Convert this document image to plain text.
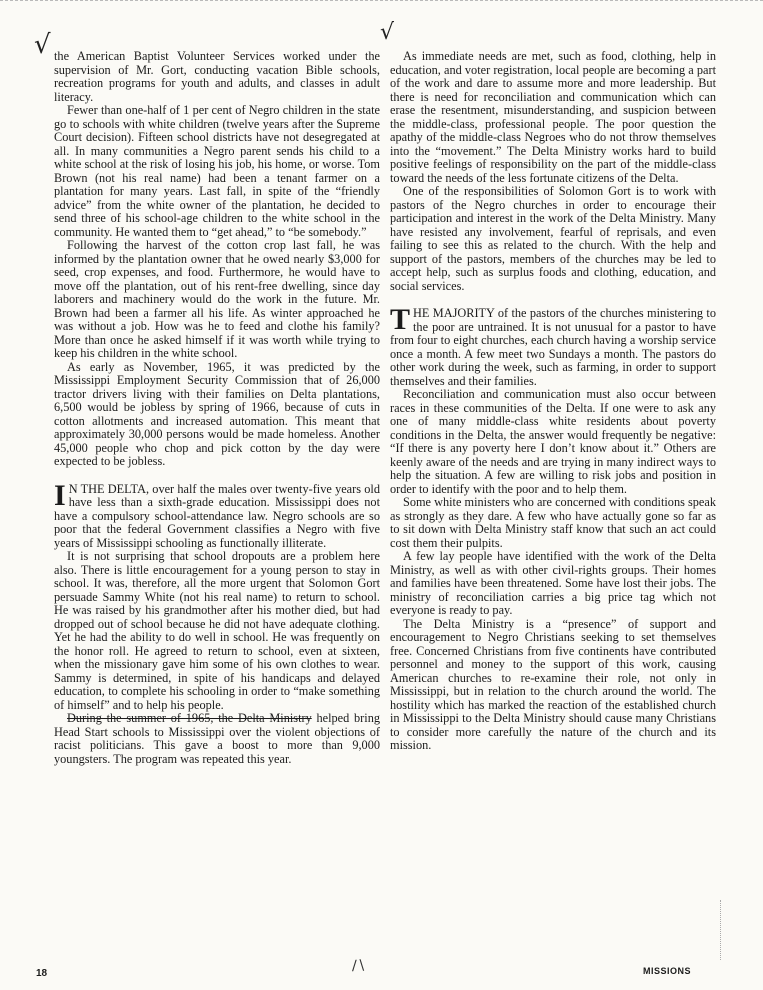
√	√

the American Baptist Volunteer Services worked under the supervision of Mr. Gort, conducting vacation Bible schools, recreation programs for youth and adults, and classes in adult literacy.

Fewer than one-half of 1 per cent of Negro children in the state go to schools with white children (twelve years after the Supreme Court decision). Fifteen school districts have not desegregated at all. In many communities a Negro parent sends his child to a white school at the risk of losing his job, his home, or worse. Tom Brown (not his real name) had been a tenant farmer on a plantation for many years. Last fall, in spite of the “friendly advice” from the white owner of the plantation, he decided to send three of his school-age children to the white school in the community. He wanted them to “get ahead,” to “be somebody.”

Following the harvest of the cotton crop last fall, he was informed by the plantation owner that he owed nearly $3,000 for seed, crop expenses, and food. Furthermore, he would have to move off the plantation, out of his rent-free dwelling, since day laborers and machinery would do the work in the future. Mr. Brown had been a farmer all his life. As winter approached he was without a job. How was he to feed and clothe his family? More than once he asked himself if it was worth while trying to keep his children in the white school.

As early as November, 1965, it was predicted by the Mississippi Employment Security Commission that of 26,000 tractor drivers living with their families on Delta plantations, 6,500 would be jobless by spring of 1966, because of cuts in cotton allotments and increased automation. This meant that approximately 30,000 persons would be made homeless. Another 45,000 people who chop and pick cotton by the day were expected to be jobless.

I N THE DELTA, over half the males over twenty-five years old have less than a sixth-grade education. Mississippi does not have a compulsory school-attendance law. Negro schools are so poor that the federal Government classifies a Negro with five years of Mississippi schooling as functionally illiterate.

It is not surprising that school dropouts are a problem here also. There is little encouragement for a young person to stay in school. It was, therefore, all the more urgent that Solomon Gort persuade Sammy White (not his real name) to return to school. He was raised by his grandmother after his mother died, but had dropped out of school because he did not have adequate clothing. Yet he had the ability to do well in school. He was frequently on the honor roll. He agreed to return to school, even at sixteen, when the missionary gave him some of his own clothes to wear. Sammy is determined, in spite of his handicaps and delayed education, to complete his schooling in order to “make something of himself” and to help his people.

During the summer of 1965, the Delta Ministry helped bring Head Start schools to Mississippi over the violent objections of racist politicians. This gave a boost to more than 9,000 youngsters. The program was repeated this year.

As immediate needs are met, such as food, clothing, help in education, and voter registration, local people are becoming a part of the work and dare to assume more and more leadership. But there is need for reconciliation and communication which can erase the resentment, misunderstanding, and suspicion between the middle-class, professional people. The poor question the apathy of the middle-class Negroes who do not throw themselves into the “movement.” The Delta Ministry works hard to build positive feelings of responsibility on the part of the middle-class toward the needs of the less fortunate citizens of the Delta.

One of the responsibilities of Solomon Gort is to work with pastors of the Negro churches in order to encourage their participation and interest in the work of the Delta Ministry. Many have resisted any involvement, fearful of reprisals, and even failing to see this as related to the church. With the help and support of the pastors, members of the churches may be led to accept help, such as surplus foods and clothing, education, and social services.

THE MAJORITY of the pastors of the churches ministering to the poor are untrained. It is not unusual for a pastor to have from four to eight churches, each church having a worship service once a month. A few meet two Sundays a month. The pastors do other work during the week, such as farming, in order to support themselves and their families.

Reconciliation and communication must also occur between races in these communities of the Delta. If one were to ask any one of many middle-class white residents about poverty conditions in the Delta, the answer would frequently be negative: “If there is any poverty here I don’t know about it.” Others are keenly aware of the needs and are trying in many indirect ways to help the situation. A few are willing to risk jobs and position in order to identify with the poor and to help them.

Some white ministers who are concerned with conditions speak as strongly as they dare. A few who have actually gone so far as to sit down with Delta Ministry staff know that such an act could cost them their pulpits.

A few lay people have identified with the work of the Delta Ministry, as well as with other civil-rights groups. Their homes and families have been threatened. Some have lost their jobs. The ministry of reconciliation carries a big price tag which not everyone is ready to pay.

The Delta Ministry is a “presence” of support and encouragement to Negro Christians seeking to set themselves free. Concerned Christians from five continents have contributed personnel and money to the support of this work, causing American churches to re-examine their role, not only in Mississippi, but in relation to the church around the world. The hostility which has marked the reaction of the established church in Mississippi to the Delta Ministry should cause many Christians to consider more carefully the nature of the church and its mission.

18	∕∖	MISSIONS
